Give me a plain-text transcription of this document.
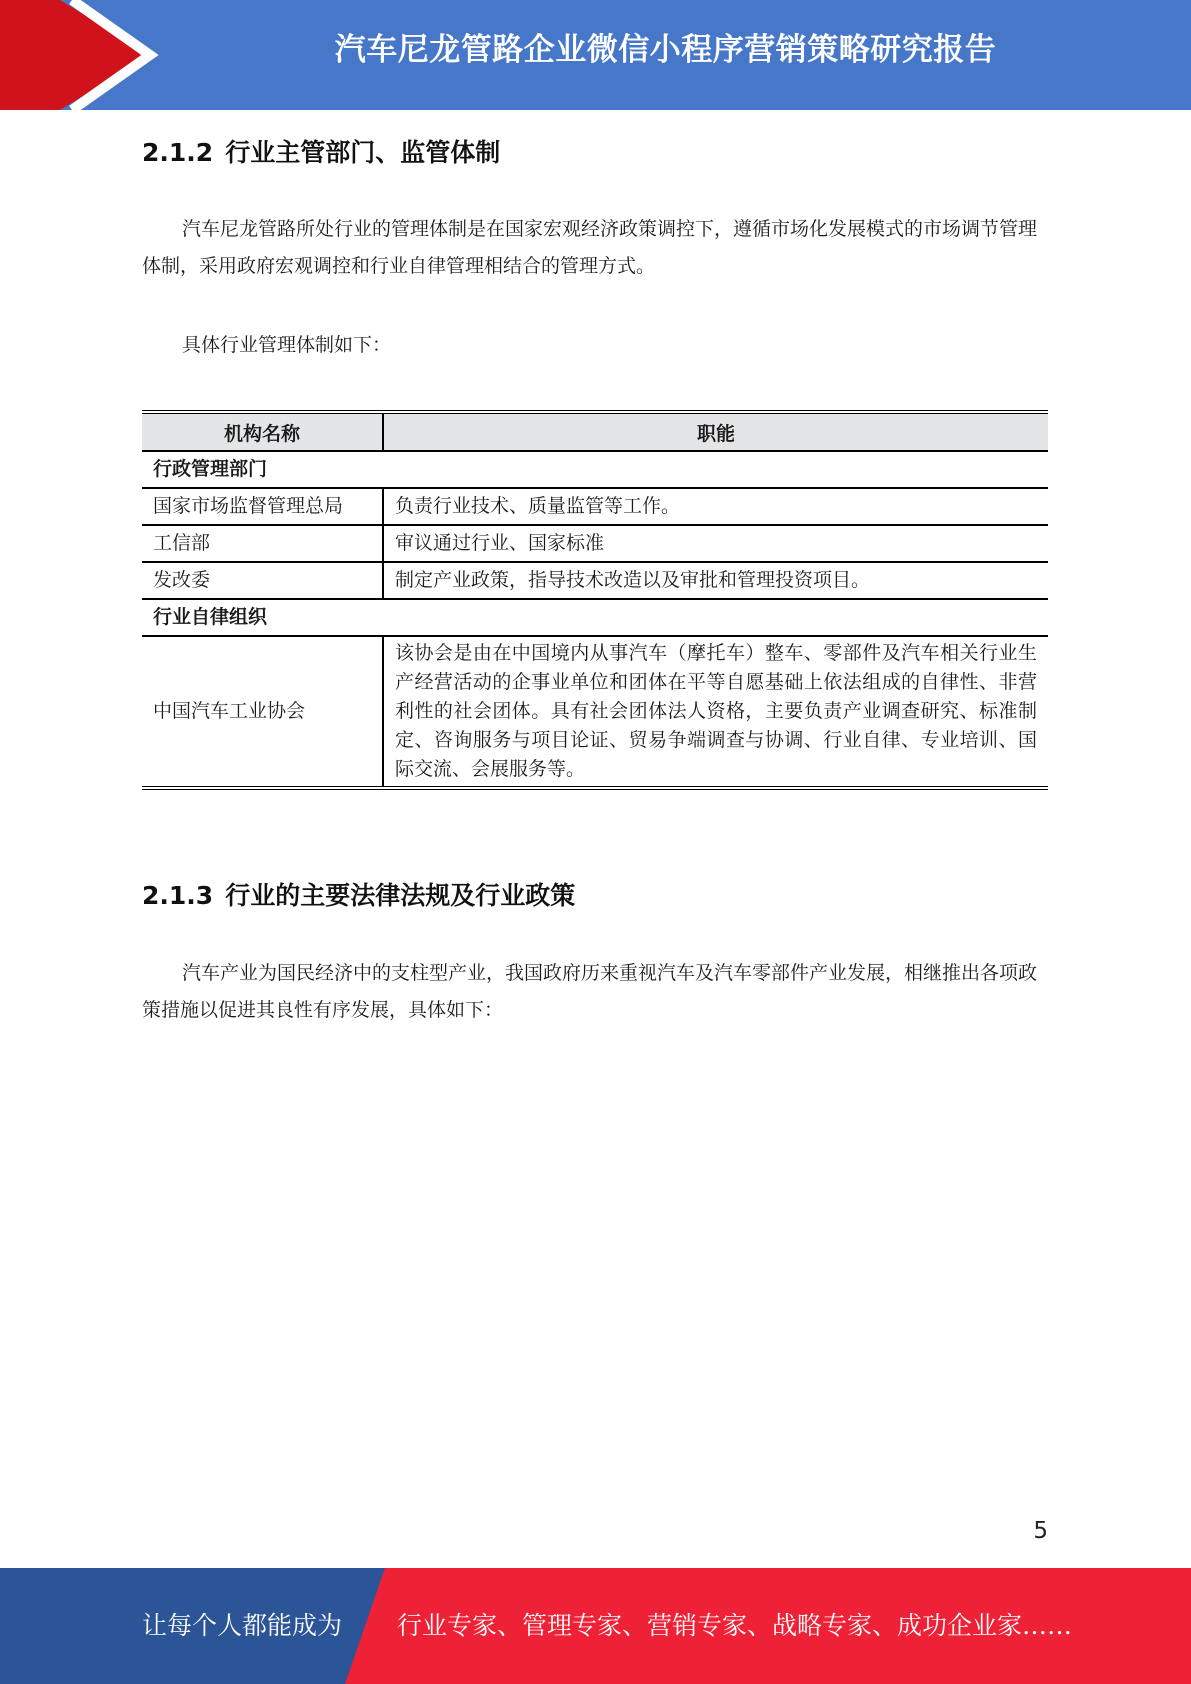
汽车尼龙管路企业微信小程序营销策略研究报告
2.1.2 行业主管部门、监管体制

汽车尼龙管路所处行业的管理体制是在国家宏观经济政策调控下，遵循市场化发展模式的市场调节管理体制，采用政府宏观调控和行业自律管理相结合的管理方式。

具体行业管理体制如下：

机构名称	职能
行政管理部门	
国家市场监督管理总局	负责行业技术、质量监管等工作。
工信部	审议通过行业、国家标准
发改委	制定产业政策，指导技术改造以及审批和管理投资项目。
行业自律组织	
中国汽车工业协会	该协会是由在中国境内从事汽车（摩托车）整车、零部件及汽车相关行业生产经营活动的企事业单位和团体在平等自愿基础上依法组成的自律性、非营利性的社会团体。具有社会团体法人资格，主要负责产业调查研究、标准制定、咨询服务与项目论证、贸易争端调查与协调、行业自律、专业培训、国际交流、会展服务等。
2.1.3 行业的主要法律法规及行业政策

汽车产业为国民经济中的支柱型产业，我国政府历来重视汽车及汽车零部件产业发展，相继推出各项政策措施以促进其良性有序发展，具体如下：

5
让每个人都能成为 行业专家、管理专家、营销专家、战略专家、成功企业家……
